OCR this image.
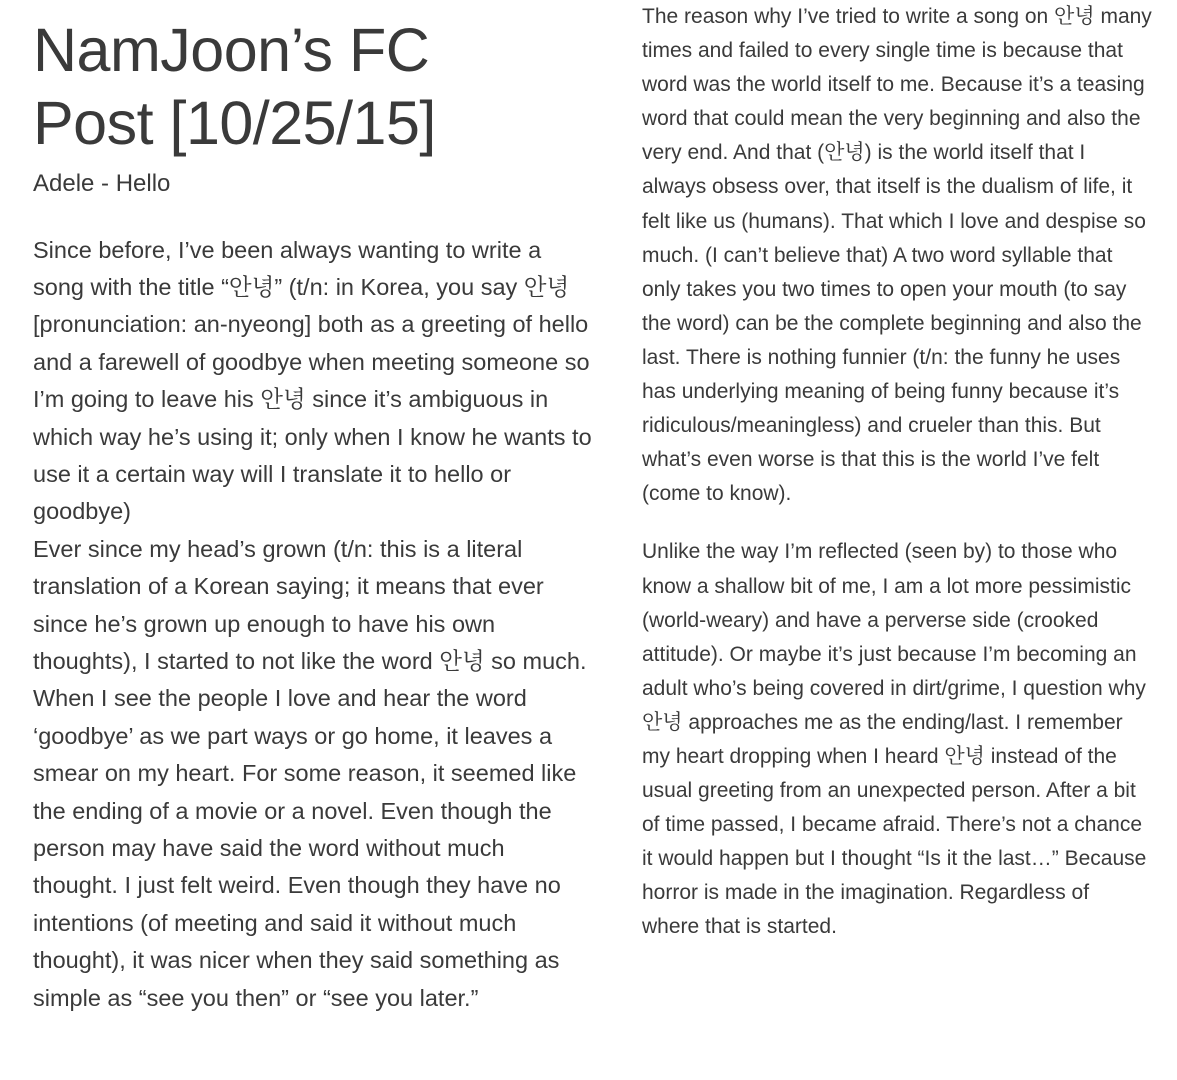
NamJoon’s FC Post [10/25/15]
Adele - Hello

Since before, I’ve been always wanting to write a song with the title “안녕” (t/n: in Korea, you say 안녕 [pronunciation: an-nyeong] both as a greeting of hello and a farewell of goodbye when meeting someone so I’m going to leave his 안녕 since it’s ambiguous in which way he’s using it; only when I know he wants to use it a certain way will I translate it to hello or goodbye)

Ever since my head’s grown (t/n: this is a literal translation of a Korean saying; it means that ever since he’s grown up enough to have his own thoughts), I started to not like the word 안녕 so much. When I see the people I love and hear the word ‘goodbye’ as we part ways or go home, it leaves a smear on my heart. For some reason, it seemed like the ending of a movie or a novel. Even though the person may have said the word without much thought. I just felt weird. Even though they have no intentions (of meeting and said it without much thought), it was nicer when they said something as simple as “see you then” or “see you later.”

The reason why I’ve tried to write a song on 안녕 many times and failed to every single time is because that word was the world itself to me. Because it’s a teasing word that could mean the very beginning and also the very end. And that (안녕) is the world itself that I always obsess over, that itself is the dualism of life, it felt like us (humans). That which I love and despise so much. (I can’t believe that) A two word syllable that only takes you two times to open your mouth (to say the word) can be the complete beginning and also the last. There is nothing funnier (t/n: the funny he uses has underlying meaning of being funny because it’s ridiculous/meaningless) and crueler than this. But what’s even worse is that this is the world I’ve felt (come to know).

Unlike the way I’m reflected (seen by) to those who know a shallow bit of me, I am a lot more pessimistic (world-weary) and have a perverse side (crooked attitude). Or maybe it’s just because I’m becoming an adult who’s being covered in dirt/grime, I question why 안녕 approaches me as the ending/last. I remember my heart dropping when I heard 안녕 instead of the usual greeting from an unexpected person. After a bit of time passed, I became afraid. There’s not a chance it would happen but I thought “Is it the last…” Because horror is made in the imagination. Regardless of where that is started.
